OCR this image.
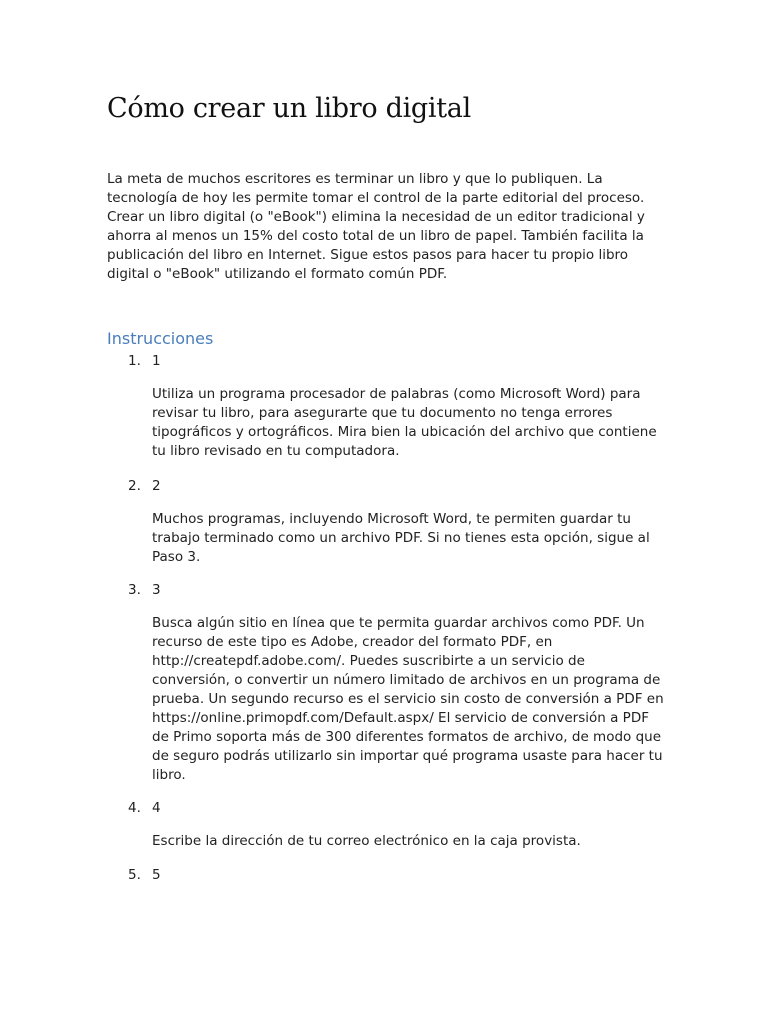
Cómo crear un libro digital

La meta de muchos escritores es terminar un libro y que lo publiquen. La tecnología de hoy les permite tomar el control de la parte editorial del proceso. Crear un libro digital (o "eBook") elimina la necesidad de un editor tradicional y ahorra al menos un 15% del costo total de un libro de papel. También facilita la publicación del libro en Internet. Sigue estos pasos para hacer tu propio libro digital o "eBook" utilizando el formato común PDF.

Instrucciones
1. 1

Utiliza un programa procesador de palabras (como Microsoft Word) para revisar tu libro, para asegurarte que tu documento no tenga errores tipográficos y ortográficos. Mira bien la ubicación del archivo que contiene tu libro revisado en tu computadora.

2. 2

Muchos programas, incluyendo Microsoft Word, te permiten guardar tu trabajo terminado como un archivo PDF. Si no tienes esta opción, sigue al Paso 3.

3. 3

Busca algún sitio en línea que te permita guardar archivos como PDF. Un recurso de este tipo es Adobe, creador del formato PDF, en http://createpdf.adobe.com/. Puedes suscribirte a un servicio de conversión, o convertir un número limitado de archivos en un programa de prueba. Un segundo recurso es el servicio sin costo de conversión a PDF en https://online.primopdf.com/Default.aspx/ El servicio de conversión a PDF de Primo soporta más de 300 diferentes formatos de archivo, de modo que de seguro podrás utilizarlo sin importar qué programa usaste para hacer tu libro.

4. 4

Escribe la dirección de tu correo electrónico en la caja provista.

5. 5
